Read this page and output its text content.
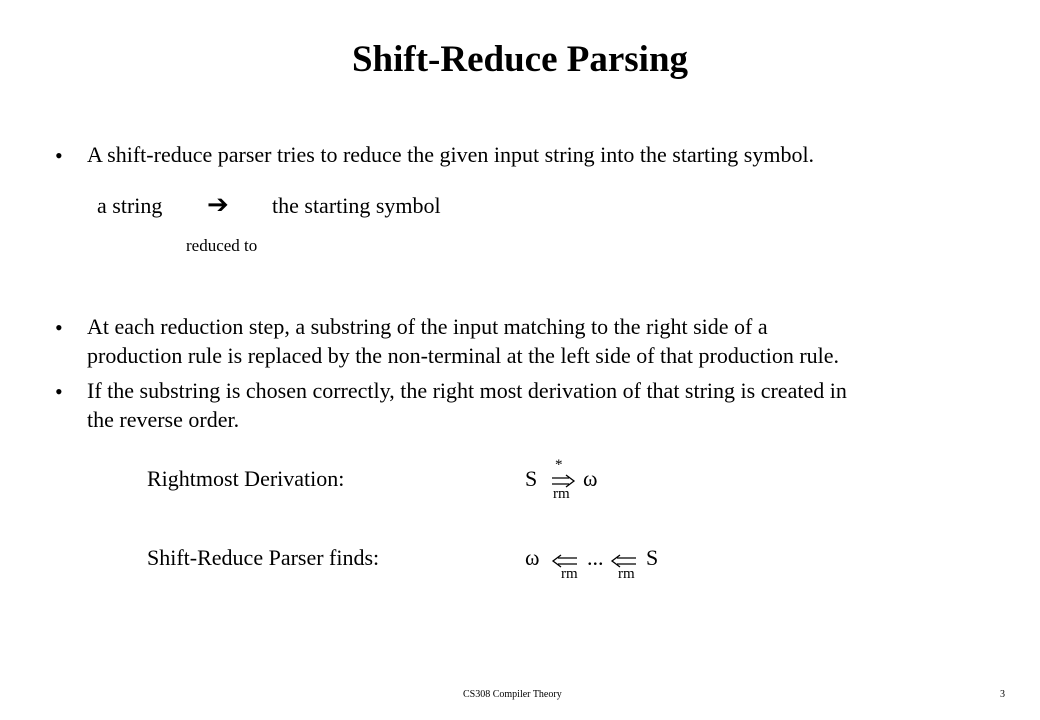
Shift-Reduce Parsing
• A shift-reduce parser tries to reduce the given input string into the starting symbol.
a string ➔ the starting symbol
reduced to
• At each reduction step, a substring of the input matching to the right side of a
production rule is replaced by the non-terminal at the left side of that production rule.
• If the substring is chosen correctly, the right most derivation of that string is created in
the reverse order.
Rightmost Derivation:	S
*
rm
ω
Shift-Reduce Parser finds:	ω
rm
...
rm
S
CS308 Compiler Theory	3
